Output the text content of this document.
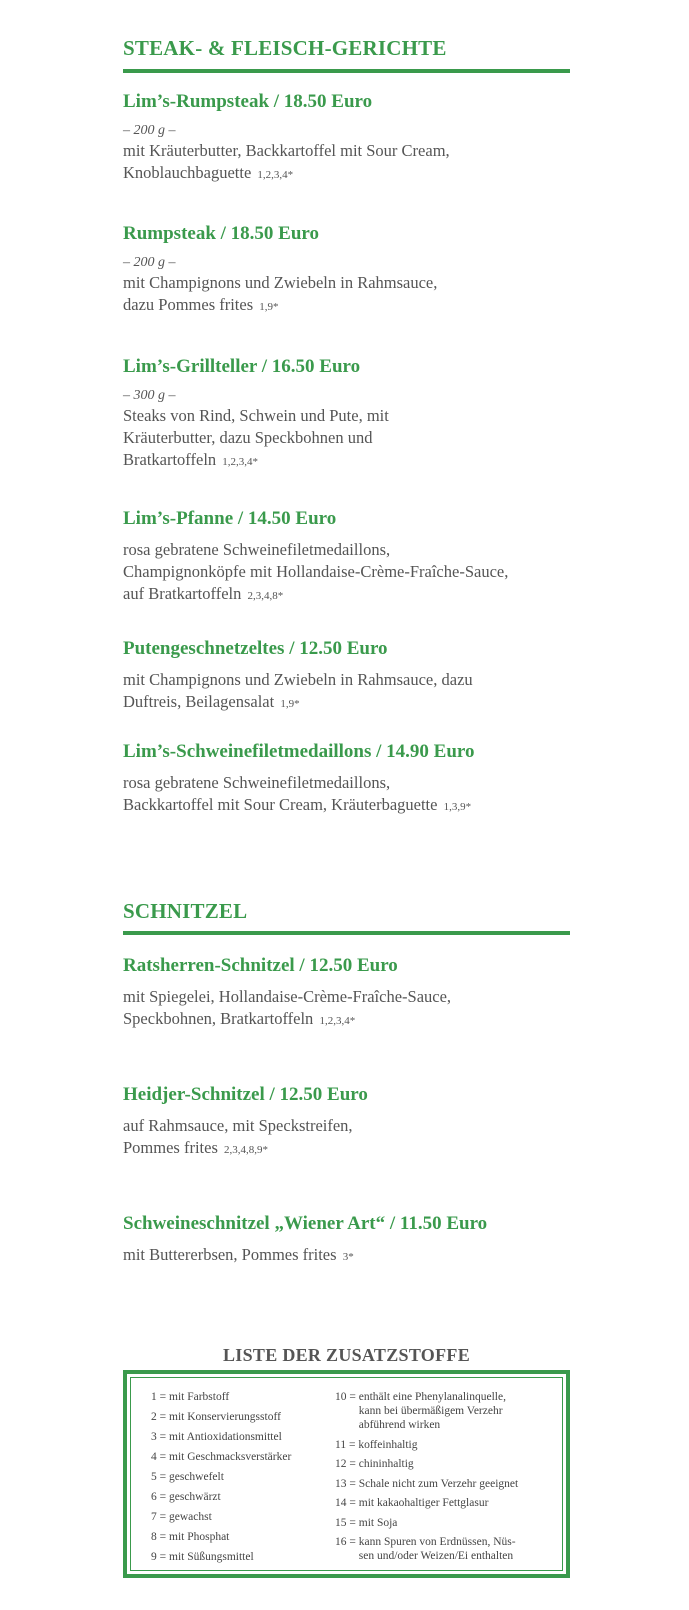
STEAK- & FLEISCH-GERICHTE
Lim’s-Rumpsteak / 18.50 Euro
– 200 g –
mit Kräuterbutter, Backkartoffel mit Sour Cream,
Knoblauchbaguette 1,2,3,4*
Rumpsteak / 18.50 Euro
– 200 g –
mit Champignons und Zwiebeln in Rahmsauce,
dazu Pommes frites 1,9*
Lim’s-Grillteller / 16.50 Euro
– 300 g –
Steaks von Rind, Schwein und Pute, mit
Kräuterbutter, dazu Speckbohnen und
Bratkartoffeln 1,2,3,4*
Lim’s-Pfanne / 14.50 Euro
rosa gebratene Schweinefiletmedaillons,
Champignonköpfe mit Hollandaise-Crème-Fraîche-Sauce,
auf Bratkartoffeln 2,3,4,8*
Putengeschnetzeltes / 12.50 Euro
mit Champignons und Zwiebeln in Rahmsauce, dazu
Duftreis, Beilagensalat 1,9*
Lim’s-Schweinefiletmedaillons / 14.90 Euro
rosa gebratene Schweinefiletmedaillons,
Backkartoffel mit Sour Cream, Kräuterbaguette 1,3,9*
SCHNITZEL
Ratsherren-Schnitzel / 12.50 Euro
mit Spiegelei, Hollandaise-Crème-Fraîche-Sauce,
Speckbohnen, Bratkartoffeln 1,2,3,4*
Heidjer-Schnitzel / 12.50 Euro
auf Rahmsauce, mit Speckstreifen,
Pommes frites 2,3,4,8,9*
Schweineschnitzel „Wiener Art“ / 11.50 Euro
mit Buttererbsen, Pommes frites 3*
LISTE DER ZUSATZSTOFFE
1 =
mit Farbstoff
2 =
mit Konservierungsstoff
3 =
mit Antioxidationsmittel
4 =
mit Geschmacksverstärker
5 =
geschwefelt
6 =
geschwärzt
7 =
gewachst
8 =
mit Phosphat
9 =
mit Süßungsmittel
10 =
enthält eine Phenylanalinquelle,
kann bei übermäßigem Verzehr
abführend wirken
11 =
koffeinhaltig
12 =
chininhaltig
13 =
Schale nicht zum Verzehr geeignet
14 =
mit kakaohaltiger Fettglasur
15 =
mit Soja
16 =
kann Spuren von Erdnüssen, Nüs-
sen und/oder Weizen/Ei enthalten
